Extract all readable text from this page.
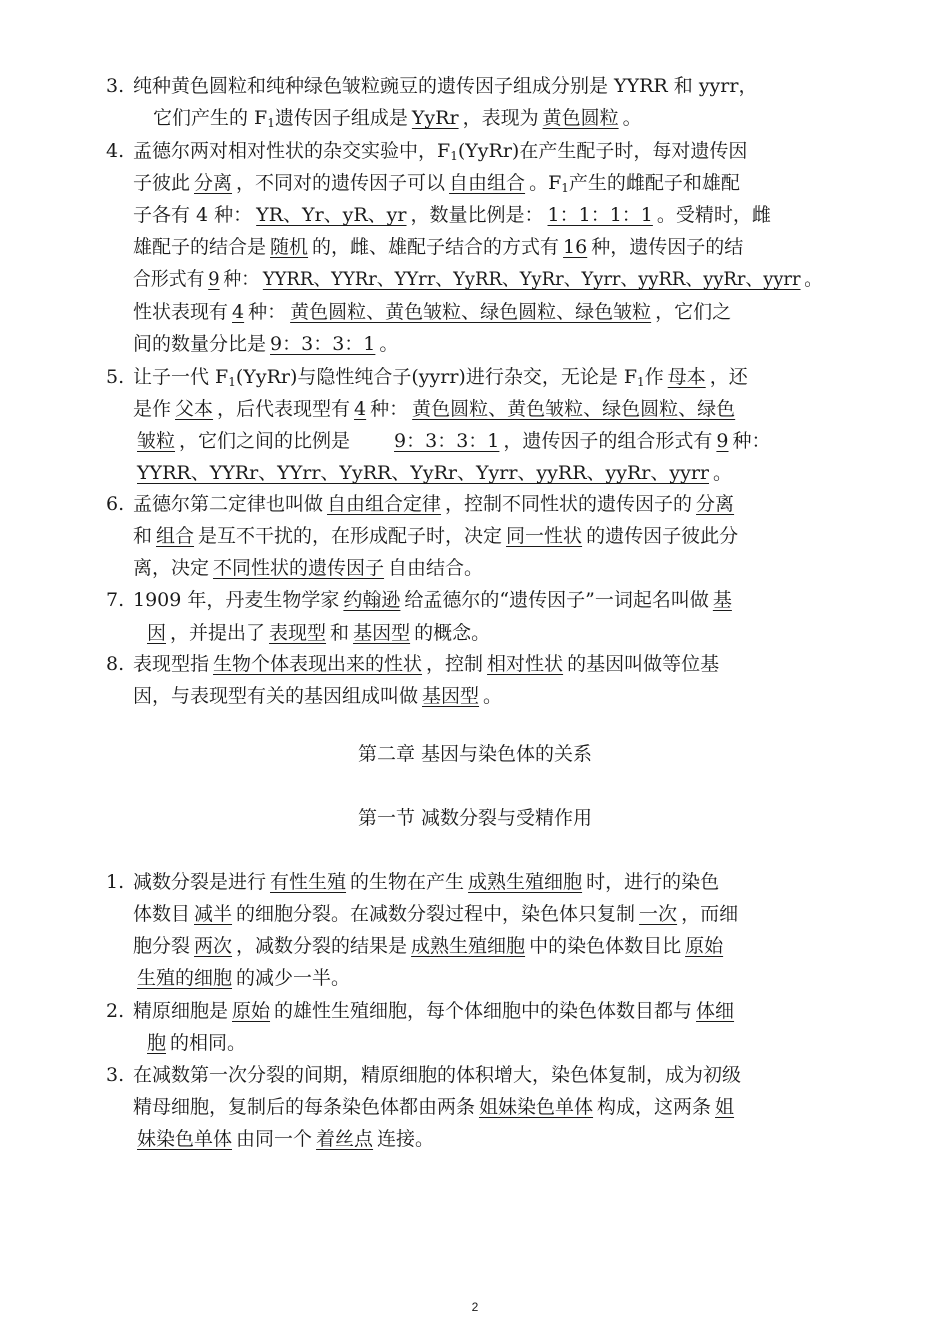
3. 纯种黄色圆粒和纯种绿色皱粒豌豆的遗传因子组成分别是 YYRR 和 yyrr，
它们产生的 $F_1$遗传因子组成是 YyRr ，表现为 黄色圆粒 。
4. 孟德尔两对相对性状的杂交实验中，$F_1(YyRr)$在产生配子时，每对遗传因
子彼此 分离 ，不同对的遗传因子可以 自由组合 。$F_1$产生的雌配子和雄配
子各有 4 种： YR、Yr、yR、yr ，数量比例是： 1：1：1：1 。受精时，雌
雄配子的结合是 随机 的，雌、雄配子结合的方式有 16 种，遗传因子的结
合形式有 9 种： YYRR、YYRr、YYrr、YyRR、YyRr、Yyrr、yyRR、yyRr、yyrr 。
性状表现有 4 种： 黄色圆粒、黄色皱粒、绿色圆粒、绿色皱粒 ，它们之
间的数量分比是 9：3：3：1 。
5. 让子一代 $F_1(YyRr)$与隐性纯合子(yyrr)进行杂交，无论是 $F_1$作 母本 ，还
是作 父本 ，后代表现型有 4 种： 黄色圆粒、黄色皱粒、绿色圆粒、绿色
皱粒 ，它们之间的比例是 9：3：3：1 ，遗传因子的组合形式有 9 种：
YYRR、YYRr、YYrr、YyRR、YyRr、Yyrr、yyRR、yyRr、yyrr 。
6. 孟德尔第二定律也叫做 自由组合定律 ，控制不同性状的遗传因子的 分离
和 组合 是互不干扰的，在形成配子时，决定 同一性状 的遗传因子彼此分
离，决定 不同性状的遗传因子 自由结合。
7. 1909 年，丹麦生物学家 约翰逊 给孟德尔的“遗传因子”一词起名叫做 基
因 ，并提出了 表现型 和 基因型 的概念。
8. 表现型指 生物个体表现出来的性状 ，控制 相对性状 的基因叫做等位基
因，与表现型有关的基因组成叫做 基因型 。
第二章 基因与染色体的关系
第一节 减数分裂与受精作用
1. 减数分裂是进行 有性生殖 的生物在产生 成熟生殖细胞 时，进行的染色
体数目 减半 的细胞分裂。在减数分裂过程中，染色体只复制 一次 ，而细
胞分裂 两次 ，减数分裂的结果是 成熟生殖细胞 中的染色体数目比 原始
生殖的细胞 的减少一半。
2. 精原细胞是 原始 的雄性生殖细胞，每个体细胞中的染色体数目都与 体细
胞 的相同。
3. 在减数第一次分裂的间期，精原细胞的体积增大，染色体复制，成为初级
精母细胞，复制后的每条染色体都由两条 姐妹染色单体 构成，这两条 姐
妹染色单体 由同一个 着丝点 连接。
2
